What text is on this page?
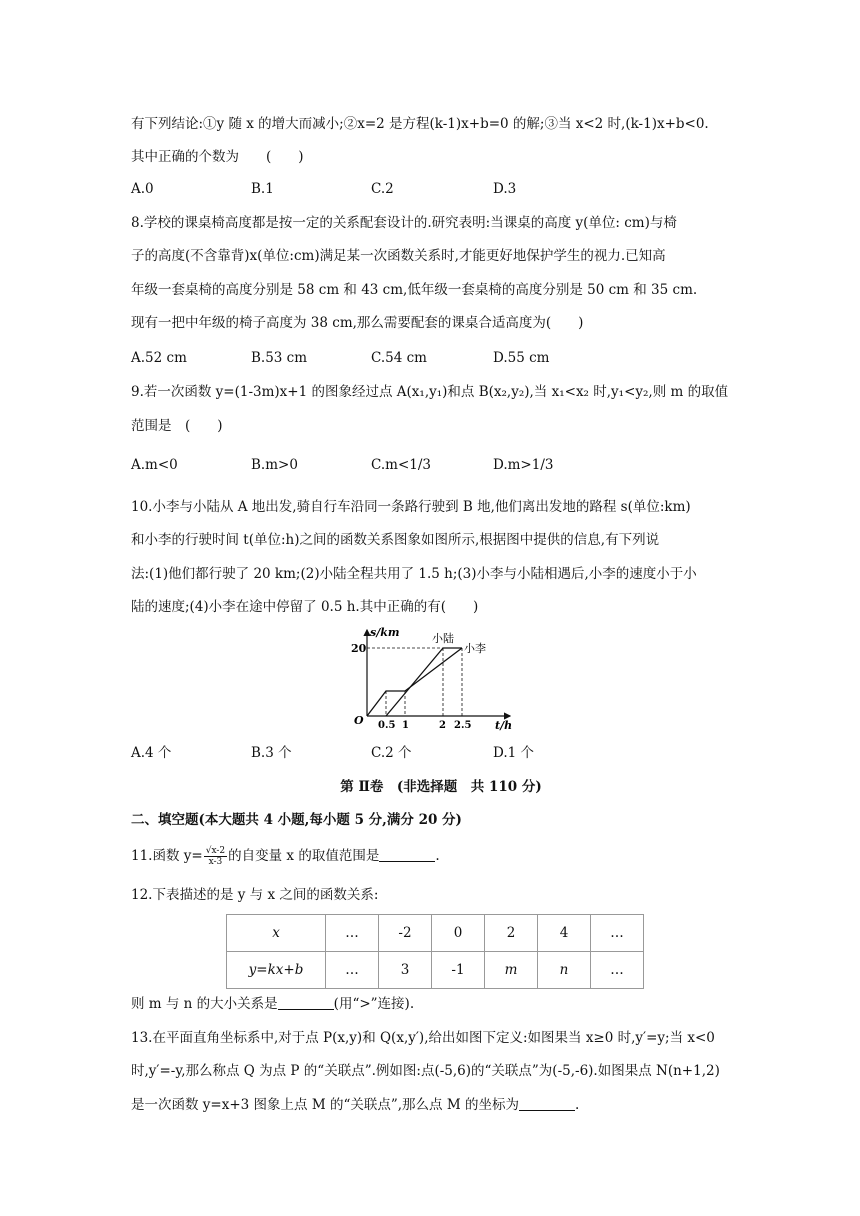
有下列结论:①y 随 x 的增大而减小;②x=2 是方程(k-1)x+b=0 的解;③当 x<2 时,(k-1)x+b<0.
其中正确的个数为　　(　　)
A.0	B.1	C.2	D.3
8.学校的课桌椅高度都是按一定的关系配套设计的.研究表明:当课桌的高度 y(单位: cm)与椅
子的高度(不含靠背)x(单位:cm)满足某一次函数关系时,才能更好地保护学生的视力.已知高
年级一套桌椅的高度分别是 58 cm 和 43 cm,低年级一套桌椅的高度分别是 50 cm 和 35 cm.
现有一把中年级的椅子高度为 38 cm,那么需要配套的课桌合适高度为(　　)
A.52 cm	B.53 cm	C.54 cm	D.55 cm
9.若一次函数 y=(1-3m)x+1 的图象经过点 A(x₁,y₁)和点 B(x₂,y₂),当 x₁<x₂ 时,y₁<y₂,则 m 的取值
范围是　(　　)
A.m<0	B.m>0	C.m<1/3	D.m>1/3
10.小李与小陆从 A 地出发,骑自行车沿同一条路行驶到 B 地,他们离出发地的路程 s(单位:km)
和小李的行驶时间 t(单位:h)之间的函数关系图象如图所示,根据图中提供的信息,有下列说
法:(1)他们都行驶了 20 km;(2)小陆全程共用了 1.5 h;(3)小李与小陆相遇后,小李的速度小于小
陆的速度;(4)小李在途中停留了 0.5 h.其中正确的有(　　)
s/km
t/h
O
20
0.5 1	2 2.5
小陆
小李
A.4 个	B.3 个	C.2 个	D.1 个
第 Ⅱ卷　(非选择题　共 110 分)
二、填空题(本大题共 4 小题,每小题 5 分,满分 20 分)
11.函数 $y= \frac{√x-2}{x-3}$ 的自变量 x 的取值范围是	.
12.下表描述的是 y 与 x 之间的函数关系:
x	…	-2	0	2	4	…
y=kx+b	…	3	-1	m	n	…
则 m 与 n 的大小关系是	(用“>”连接).
13.在平面直角坐标系中,对于点 P(x,y)和 Q(x,y′),给出如图下定义:如图果当 x≥0 时,y′=y;当 x<0
时,y′=-y,那么称点 Q 为点 P 的“关联点”.例如图:点(-5,6)的“关联点”为(-5,-6).如图果点 N(n+1,2)
是一次函数 y=x+3 图象上点 M 的“关联点”,那么点 M 的坐标为	.
